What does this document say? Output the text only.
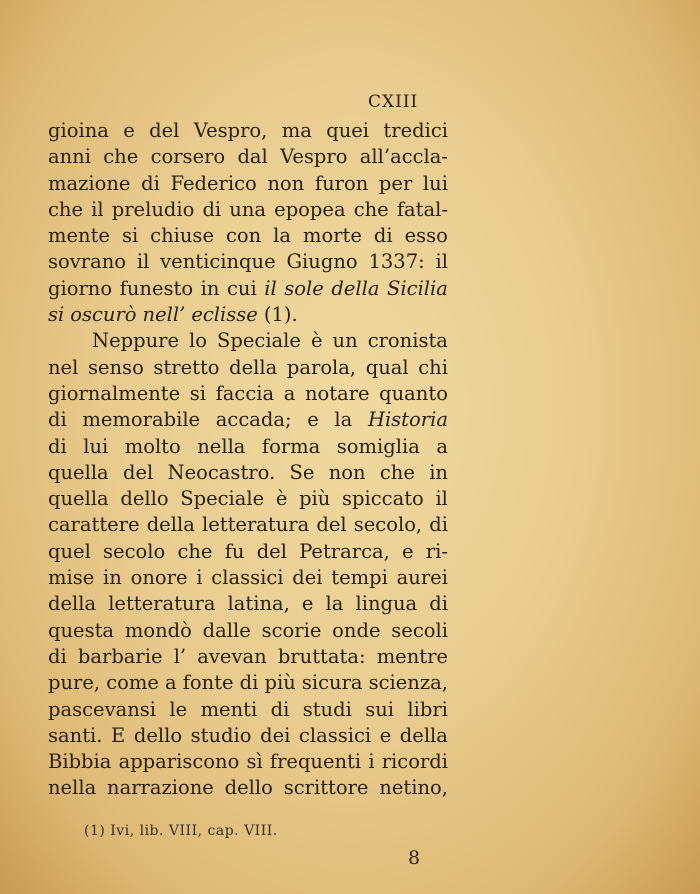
CXIII
gioina e del Vespro, ma quei tredici
anni che corsero dal Vespro all’accla-
mazione di Federico non furon per lui
che il preludio di una epopea che fatal-
mente si chiuse con la morte di esso
sovrano il venticinque Giugno 1337: il
giorno funesto in cui il sole della Sicilia
si oscurò nell’ eclisse (1).
Neppure lo Speciale è un cronista
nel senso stretto della parola, qual chi
giornalmente si faccia a notare quanto
di memorabile accada; e la Historia
di lui molto nella forma somiglia a
quella del Neocastro. Se non che in
quella dello Speciale è più spiccato il
carattere della letteratura del secolo, di
quel secolo che fu del Petrarca, e ri-
mise in onore i classici dei tempi aurei
della letteratura latina, e la lingua di
questa mondò dalle scorie onde secoli
di barbarie l’ avevan bruttata: mentre
pure, come a fonte di più sicura scienza,
pascevansi le menti di studi sui libri
santi. E dello studio dei classici e della
Bibbia appariscono sì frequenti i ricordi
nella narrazione dello scrittore netino,
(1) Ivi, lib. VIII, cap. VIII.
8
